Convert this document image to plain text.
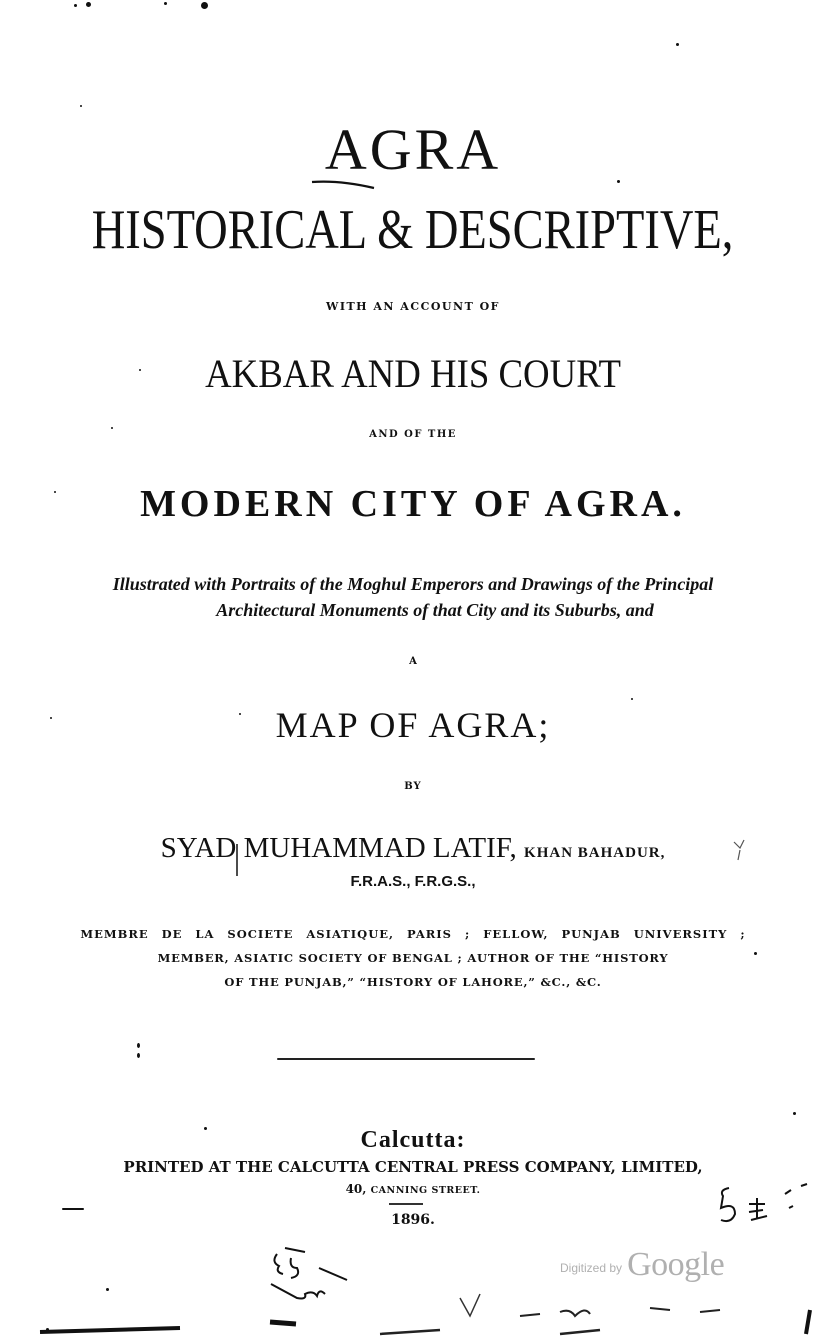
AGRA
HISTORICAL & DESCRIPTIVE,
WITH AN ACCOUNT OF
AKBAR AND HIS COURT
AND OF THE
MODERN CITY OF AGRA.
Illustrated with Portraits of the Moghul Emperors and Drawings of the Principal
Architectural Monuments of that City and its Suburbs, and
A
MAP OF AGRA;
BY
SYAD MUHAMMAD LATIF, KHAN BAHADUR,
F.R.A.S., F.R.G.S.,
MEMBRE DE LA SOCIETE ASIATIQUE, PARIS ; FELLOW, PUNJAB UNIVERSITY ;
MEMBER, ASIATIC SOCIETY OF BENGAL ; AUTHOR OF THE “HISTORY
OF THE PUNJAB,” “HISTORY OF LAHORE,” &C., &C.
Calcutta:
PRINTED AT THE CALCUTTA CENTRAL PRESS COMPANY, LIMITED,
40, CANNING STREET.
1896.
Digitized by Google
